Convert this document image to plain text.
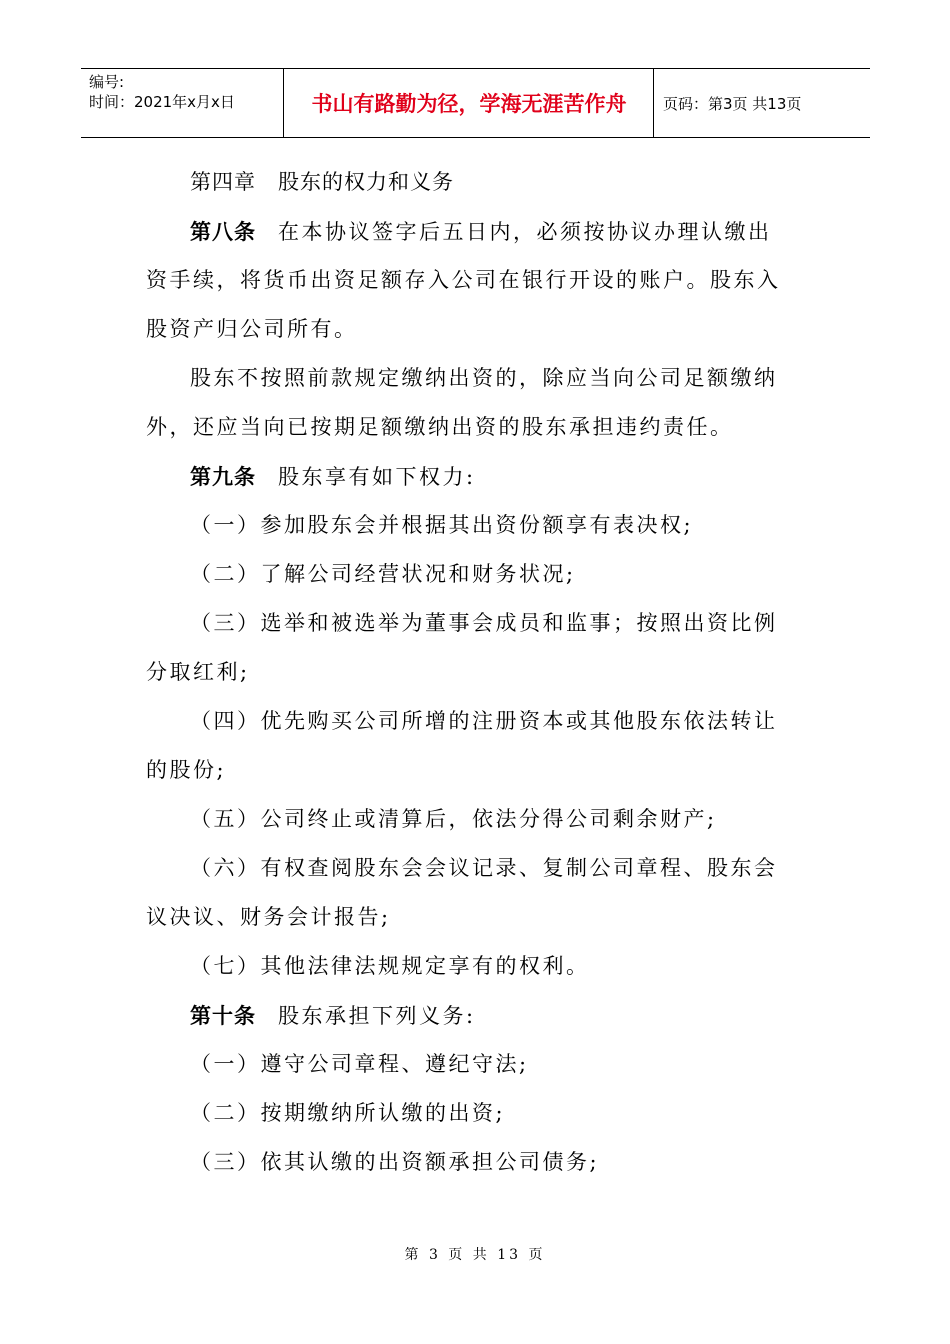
编号:
时间：2021年x月x日	书山有路勤为径，学海无涯苦作舟	页码：第3页 共13页
第四章　股东的权力和义务
第八条 在本协议签字后五日内，必须按协议办理认缴出
资手续，将货币出资足额存入公司在银行开设的账户。股东入
股资产归公司所有。
股东不按照前款规定缴纳出资的，除应当向公司足额缴纳
外，还应当向已按期足额缴纳出资的股东承担违约责任。
第九条 股东享有如下权力:
（一）参加股东会并根据其出资份额享有表决权;
（二）了解公司经营状况和财务状况;
（三）选举和被选举为董事会成员和监事；按照出资比例
分取红利;
（四）优先购买公司所增的注册资本或其他股东依法转让
的股份;
（五）公司终止或清算后，依法分得公司剩余财产;
（六）有权查阅股东会会议记录、复制公司章程、股东会
议决议、财务会计报告;
（七）其他法律法规规定享有的权利。
第十条 股东承担下列义务:
（一）遵守公司章程、遵纪守法;
（二）按期缴纳所认缴的出资;
（三）依其认缴的出资额承担公司债务;
第 3 页 共 13 页
